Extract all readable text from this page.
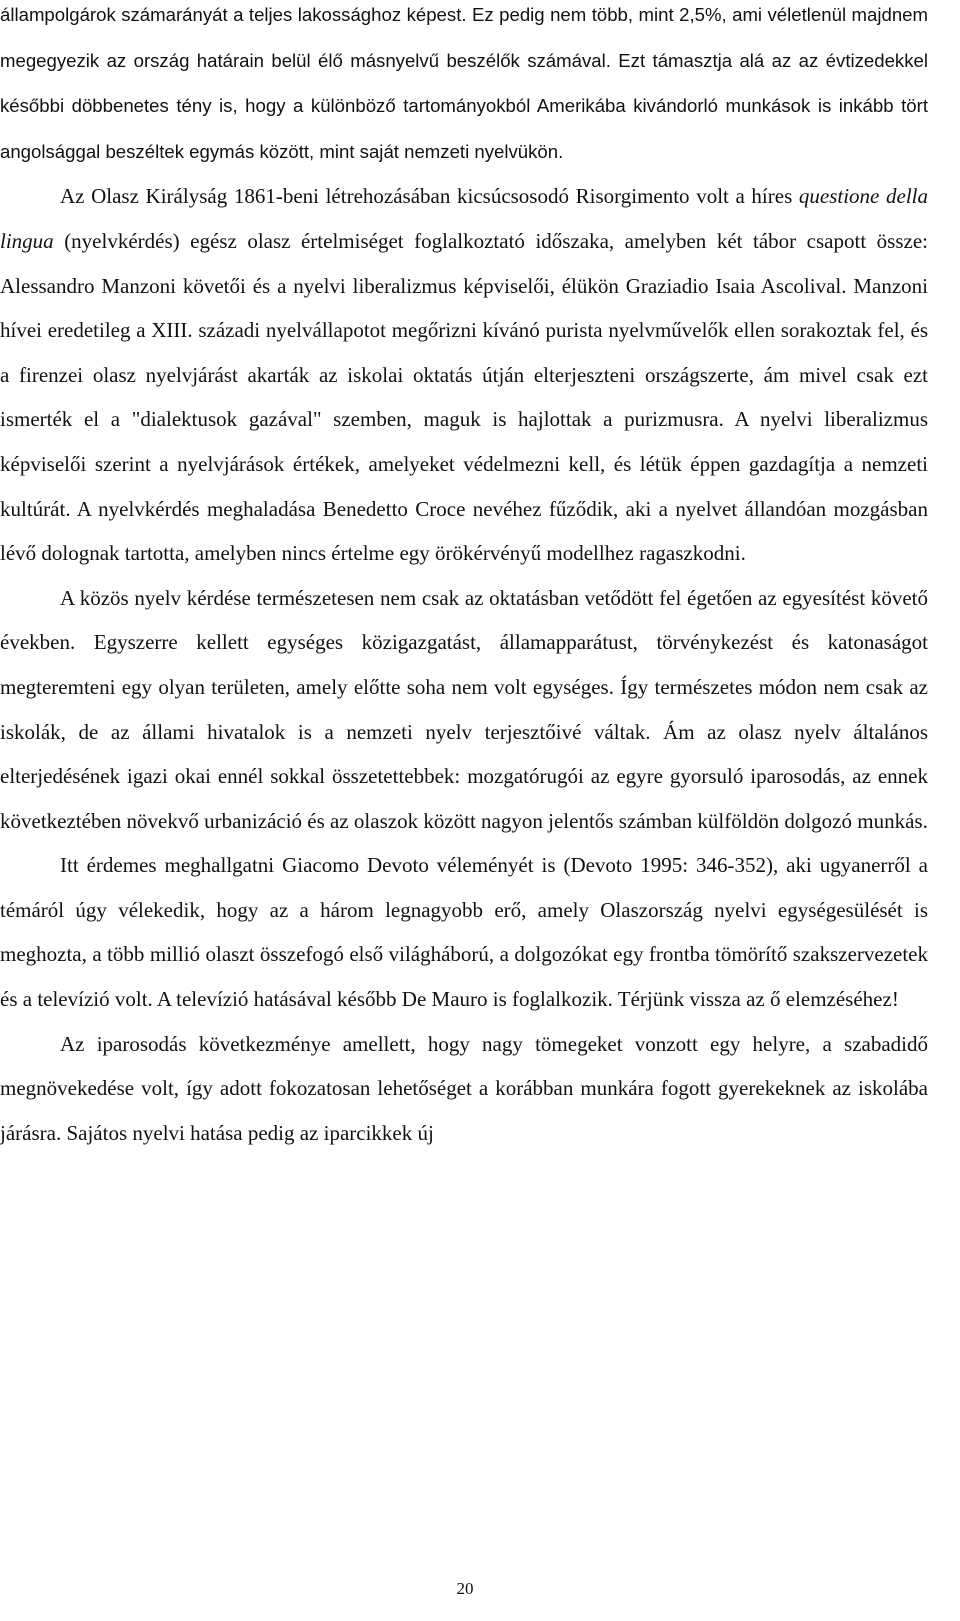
állampolgárok számarányát a teljes lakossághoz képest. Ez pedig nem több, mint 2,5%, ami véletlenül majdnem megegyezik az ország határain belül élő másnyelvű beszélők számával. Ezt támasztja alá az az évtizedekkel későbbi döbbenetes tény is, hogy a különböző tartományokból Amerikába kivándorló munkások is inkább tört angolsággal beszéltek egymás között, mint saját nemzeti nyelvükön.

Az Olasz Királyság 1861-beni létrehozásában kicsúcsosodó Risorgimento volt a híres questione della lingua (nyelvkérdés) egész olasz értelmiséget foglalkoztató időszaka, amelyben két tábor csapott össze: Alessandro Manzoni követői és a nyelvi liberalizmus képviselői, élükön Graziadio Isaia Ascolival. Manzoni hívei eredetileg a XIII. századi nyelvállapotot megőrizni kívánó purista nyelvművelők ellen sorakoztak fel, és a firenzei olasz nyelvjárást akarták az iskolai oktatás útján elterjeszteni országszerte, ám mivel csak ezt ismerték el a "dialektusok gazával" szemben, maguk is hajlottak a purizmusra. A nyelvi liberalizmus képviselői szerint a nyelvjárások értékek, amelyeket védelmezni kell, és létük éppen gazdagítja a nemzeti kultúrát. A nyelvkérdés meghaladása Benedetto Croce nevéhez fűződik, aki a nyelvet állandóan mozgásban lévő dolognak tartotta, amelyben nincs értelme egy örökérvényű modellhez ragaszkodni.

A közös nyelv kérdése természetesen nem csak az oktatásban vetődött fel égetően az egyesítést követő években. Egyszerre kellett egységes közigazgatást, államapparátust, törvénykezést és katonaságot megteremteni egy olyan területen, amely előtte soha nem volt egységes. Így természetes módon nem csak az iskolák, de az állami hivatalok is a nemzeti nyelv terjesztőivé váltak. Ám az olasz nyelv általános elterjedésének igazi okai ennél sokkal összetettebbek: mozgatórugói az egyre gyorsuló iparosodás, az ennek következtében növekvő urbanizáció és az olaszok között nagyon jelentős számban külföldön dolgozó munkás.

Itt érdemes meghallgatni Giacomo Devoto véleményét is (Devoto 1995: 346-352), aki ugyanerről a témáról úgy vélekedik, hogy az a három legnagyobb erő, amely Olaszország nyelvi egységesülését is meghozta, a több millió olaszt összefogó első világháború, a dolgozókat egy frontba tömörítő szakszervezetek és a televízió volt. A televízió hatásával később De Mauro is foglalkozik. Térjünk vissza az ő elemzéséhez!

Az iparosodás következménye amellett, hogy nagy tömegeket vonzott egy helyre, a szabadidő megnövekedése volt, így adott fokozatosan lehetőséget a korábban munkára fogott gyerekeknek az iskolába járásra. Sajátos nyelvi hatása pedig az iparcikkek új

20
